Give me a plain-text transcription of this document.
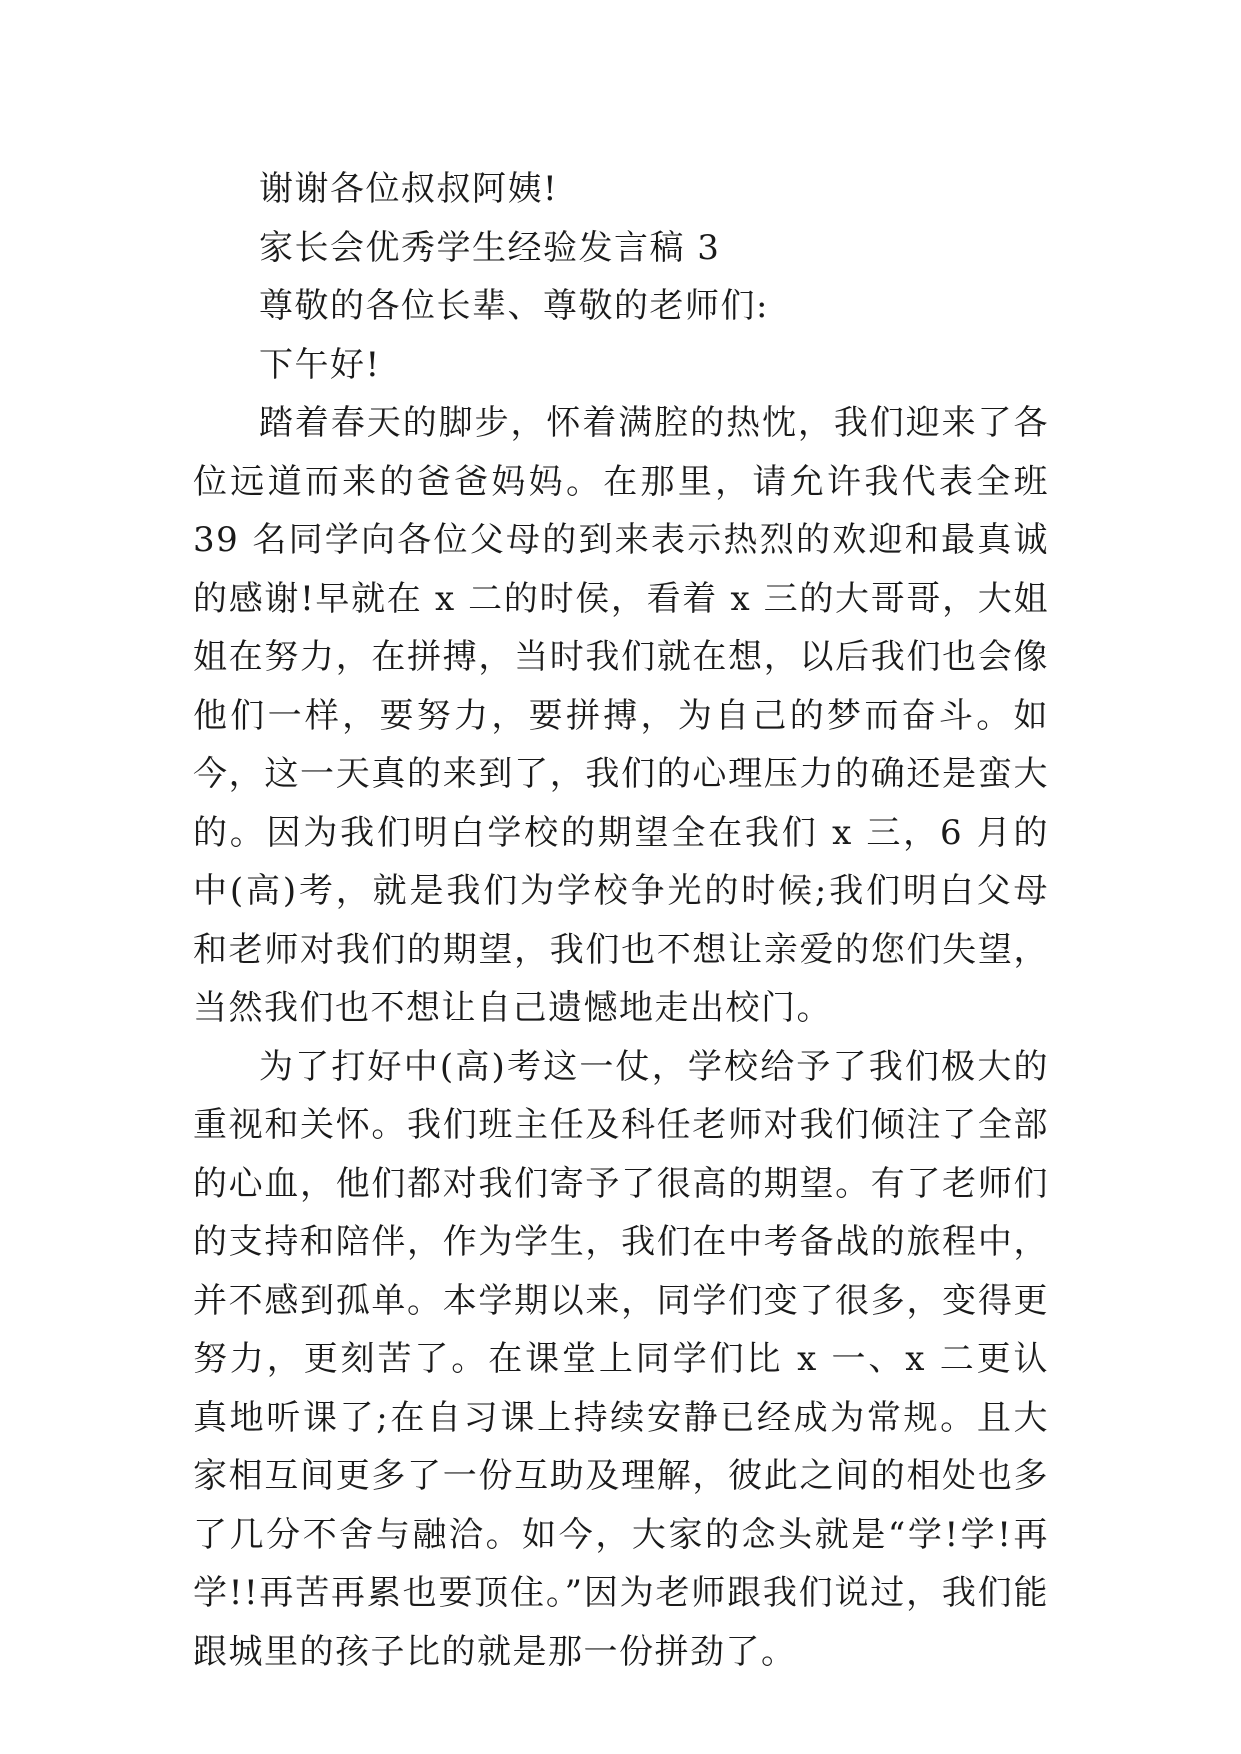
谢谢各位叔叔阿姨!

家长会优秀学生经验发言稿 3

尊敬的各位长辈、尊敬的老师们:

下午好!

踏着春天的脚步，怀着满腔的热忱，我们迎来了各位远道而来的爸爸妈妈。在那里，请允许我代表全班 39 名同学向各位父母的到来表示热烈的欢迎和最真诚的感谢!早就在 x 二的时侯，看着 x 三的大哥哥，大姐姐在努力，在拼搏，当时我们就在想，以后我们也会像他们一样，要努力，要拼搏，为自己的梦而奋斗。如今，这一天真的来到了，我们的心理压力的确还是蛮大的。因为我们明白学校的期望全在我们 x 三，6 月的中(高)考，就是我们为学校争光的时候;我们明白父母和老师对我们的期望，我们也不想让亲爱的您们失望，当然我们也不想让自己遗憾地走出校门。

为了打好中(高)考这一仗，学校给予了我们极大的重视和关怀。我们班主任及科任老师对我们倾注了全部的心血，他们都对我们寄予了很高的期望。有了老师们的支持和陪伴，作为学生，我们在中考备战的旅程中，并不感到孤单。本学期以来，同学们变了很多，变得更努力，更刻苦了。在课堂上同学们比 x 一、x 二更认真地听课了;在自习课上持续安静已经成为常规。且大家相互间更多了一份互助及理解，彼此之间的相处也多了几分不舍与融洽。如今，大家的念头就是“学!学!再学!!再苦再累也要顶住。”因为老师跟我们说过，我们能跟城里的孩子比的就是那一份拼劲了。
